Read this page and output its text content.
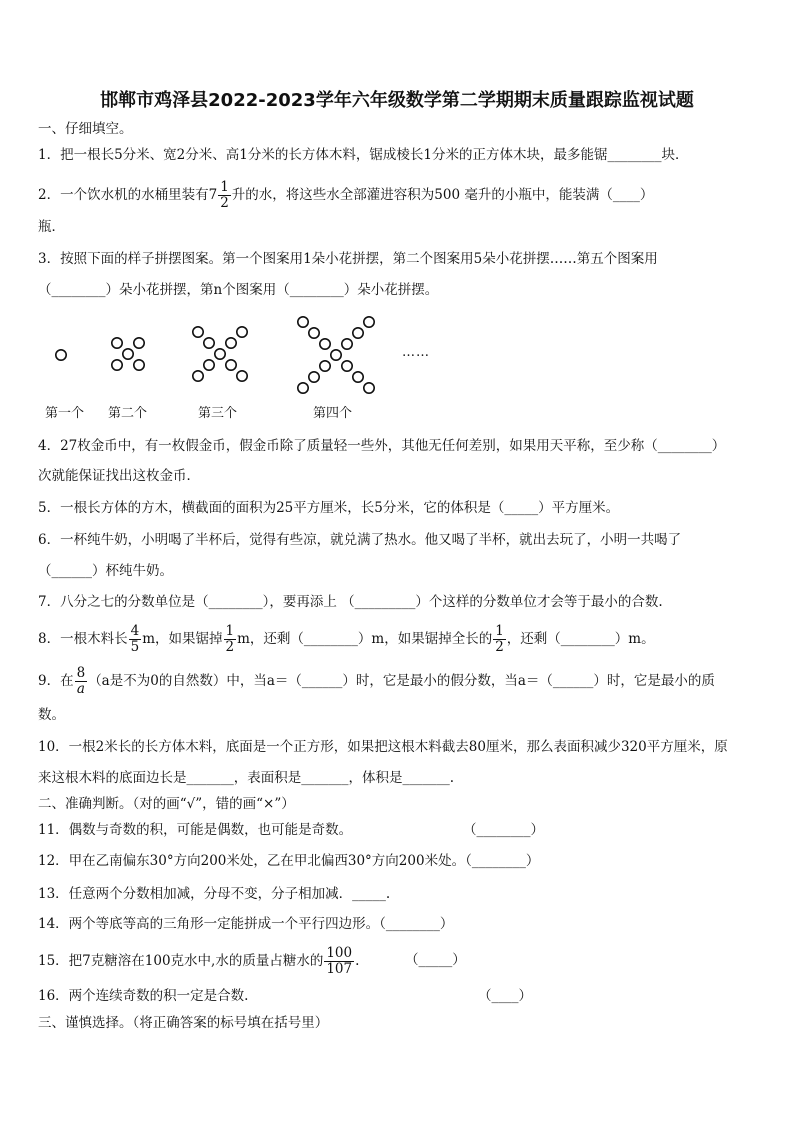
邯郸市鸡泽县2022-2023学年六年级数学第二学期期末质量跟踪监视试题
一、仔细填空。
1．把一根长5分米、宽2分米、高1分米的长方体木料，锯成棱长1分米的正方体木块，最多能锯________块．
2．一个饮水机的水桶里装有$7 \frac{1}{2}$ 升的水，将这些水全部灌进容积为500 毫升的小瓶中，能装满（____）
瓶．
3．按照下面的样子拼摆图案。第一个图案用1朵小花拼摆，第二个图案用5朵小花拼摆……第五个图案用
（________）朵小花拼摆，第n个图案用（________）朵小花拼摆。
……
第一个 第二个	第三个	第四个
4．27枚金币中，有一枚假金币，假金币除了质量轻一些外，其他无任何差别，如果用天平称，至少称（________）
次就能保证找出这枚金币．
5．一根长方体的方木，横截面的面积为25平方厘米，长5分米，它的体积是（_____）平方厘米。
6．一杯纯牛奶，小明喝了半杯后，觉得有些凉，就兑满了热水。他又喝了半杯，就出去玩了，小明一共喝了
（______）杯纯牛奶。
7．八分之七的分数单位是（________），要再添上 （_________）个这样的分数单位才会等于最小的合数.
8．一根木料长 $\frac{4}{5}$ m，如果锯掉 $\frac{1}{2}$ m，还剩（________）m，如果锯掉全长的 $\frac{1}{2}$ ，还剩（________）m。
9．在 $\frac{8}{a} (a$是不为0的自然数）中，当a＝（______）时，它是最小的假分数，当a＝（______）时，它是最小的质
数。
10．一根2米长的长方体木料，底面是一个正方形，如果把这根木料截去80厘米，那么表面积减少320平方厘米，原
来这根木料的底面边长是_______，表面积是_______，体积是_______.
二、准确判断。（对的画“√”，错的画“×”）
11．偶数与奇数的积，可能是偶数，也可能是奇数。	（________）
12．甲在乙南偏东30°方向200米处，乙在甲北偏西30°方向200米处。（________）
13．任意两个分数相加减，分母不变，分子相加减．_____.
14．两个等底等高的三角形一定能拼成一个平行四边形。（________）
15．把7克糖溶在100克水中,水的质量占糖水的 $\frac{100}{107}$ .	（_____）
16．两个连续奇数的积一定是合数.	（____）
三、谨慎选择。（将正确答案的标号填在括号里）
